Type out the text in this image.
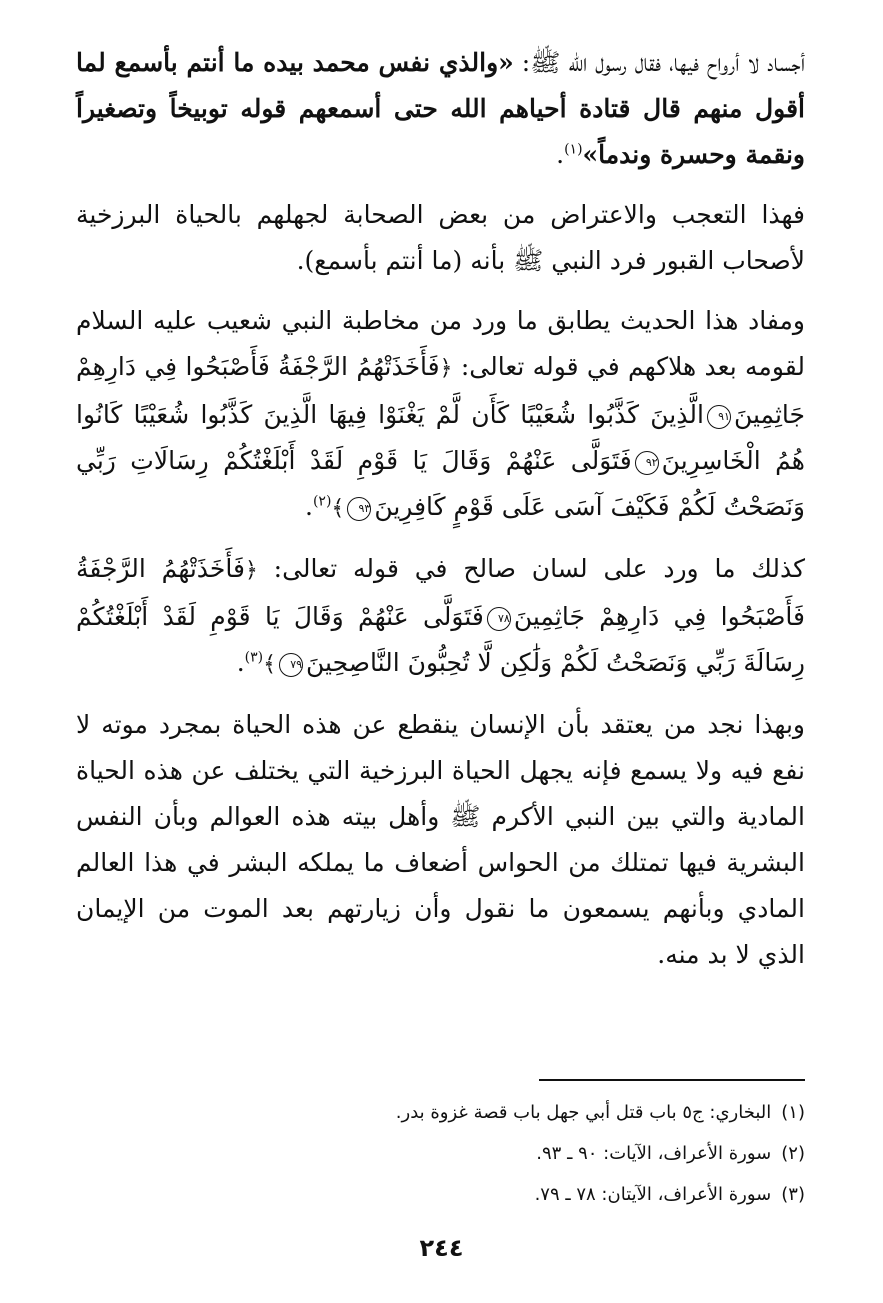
أجساد لا أرواح فيها، فقال رسول الله ﷺ: «والذي نفس محمد بيده ما أنتم بأسمع لما أقول منهم قال قتادة أحياهم الله حتى أسمعهم قوله توبيخاً وتصغيراً ونقمة وحسرة وندماً»$^{(١)}$.

فهذا التعجب والاعتراض من بعض الصحابة لجهلهم بالحياة البرزخية لأصحاب القبور فرد النبي ﷺ بأنه (ما أنتم بأسمع).

ومفاد هذا الحديث يطابق ما ورد من مخاطبة النبي شعيب عليه السلام لقومه بعد هلاكهم في قوله تعالى: ﴿فَأَخَذَتْهُمُ الرَّجْفَةُ فَأَصْبَحُوا فِي دَارِهِمْ جَاثِمِينَ٩١الَّذِينَ كَذَّبُوا شُعَيْبًا كَأَن لَّمْ يَغْنَوْا فِيهَا الَّذِينَ كَذَّبُوا شُعَيْبًا كَانُوا هُمُ الْخَاسِرِينَ٩٢فَتَوَلَّى عَنْهُمْ وَقَالَ يَا قَوْمِ لَقَدْ أَبْلَغْتُكُمْ رِسَالَاتِ رَبِّي وَنَصَحْتُ لَكُمْ فَكَيْفَ آسَى عَلَى قَوْمٍ كَافِرِينَ٩٣﴾$^{(٢)}$.

كذلك ما ورد على لسان صالح في قوله تعالى: ﴿فَأَخَذَتْهُمُ الرَّجْفَةُ فَأَصْبَحُوا فِي دَارِهِمْ جَاثِمِينَ٧٨فَتَوَلَّى عَنْهُمْ وَقَالَ يَا قَوْمِ لَقَدْ أَبْلَغْتُكُمْ رِسَالَةَ رَبِّي وَنَصَحْتُ لَكُمْ وَلَٰكِن لَّا تُحِبُّونَ النَّاصِحِينَ٧٩﴾$^{(٣)}$.

وبهذا نجد من يعتقد بأن الإنسان ينقطع عن هذه الحياة بمجرد موته لا نفع فيه ولا يسمع فإنه يجهل الحياة البرزخية التي يختلف عن هذه الحياة المادية والتي بين النبي الأكرم ﷺ وأهل بيته هذه العوالم وبأن النفس البشرية فيها تمتلك من الحواس أضعاف ما يملكه البشر في هذا العالم المادي وبأنهم يسمعون ما نقول وأن زيارتهم بعد الموت من الإيمان الذي لا بد منه.

(١)البخاري: ج٥ باب قتل أبي جهل باب قصة غزوة بدر.
(٢)سورة الأعراف، الآيات: ٩٠ ـ ٩٣.
(٣)سورة الأعراف، الآيتان: ٧٨ ـ ٧٩.
٢٤٤
